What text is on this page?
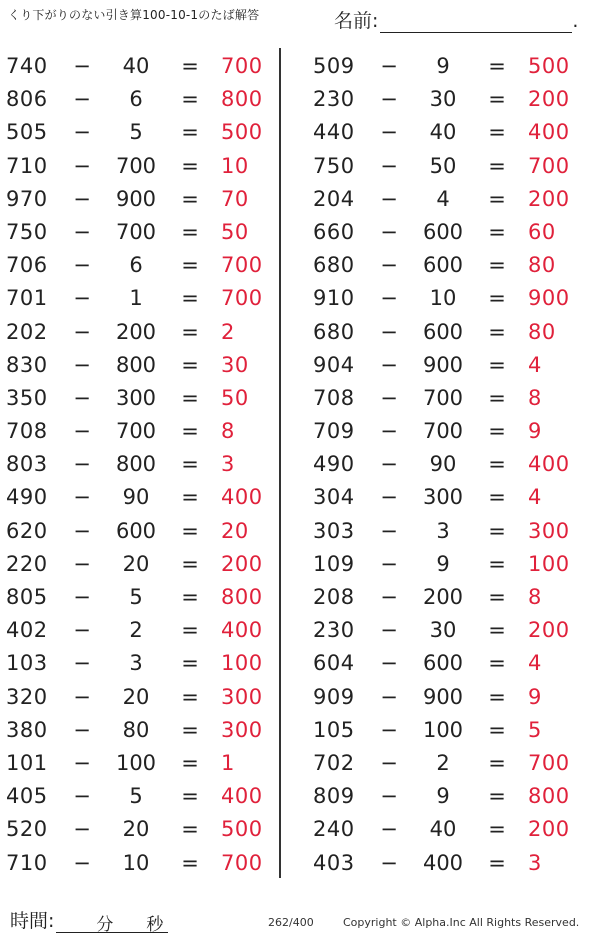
くり下がりのない引き算100-10-1のたば解答	名前:	.
740	−	40	= 700
806	−	6	= 800
505	−	5	= 500
710	−	700	= 10
970	−	900	= 70
750	−	700	= 50
706	−	6	= 700
701	−	1	= 700
202	−	200	= 2
830	−	800	= 30
350	−	300	= 50
708	−	700	= 8
803	−	800	= 3
490	−	90	= 400
620	−	600	= 20
220	−	20	= 200
805	−	5	= 800
402	−	2	= 400
103	−	3	= 100
320	−	20	= 300
380	−	80	= 300
101	−	100	= 1
405	−	5	= 400
520	−	20	= 500
710	−	10	= 700
509	−	9	= 500
230	−	30	= 200
440	−	40	= 400
750	−	50	= 700
204	−	4	= 200
660	−	600	= 60
680	−	600	= 80
910	−	10	= 900
680	−	600	= 80
904	−	900	= 4
708	−	700	= 8
709	−	700	= 9
490	−	90	= 400
304	−	300	= 4
303	−	3	= 300
109	−	9	= 100
208	−	200	= 8
230	−	30	= 200
604	−	600	= 4
909	−	900	= 9
105	−	100	= 5
702	−	2	= 700
809	−	9	= 800
240	−	40	= 200
403	−	400	= 3
時間: 分 秒	262/400	Copyright © Alpha.Inc All Rights Reserved.
